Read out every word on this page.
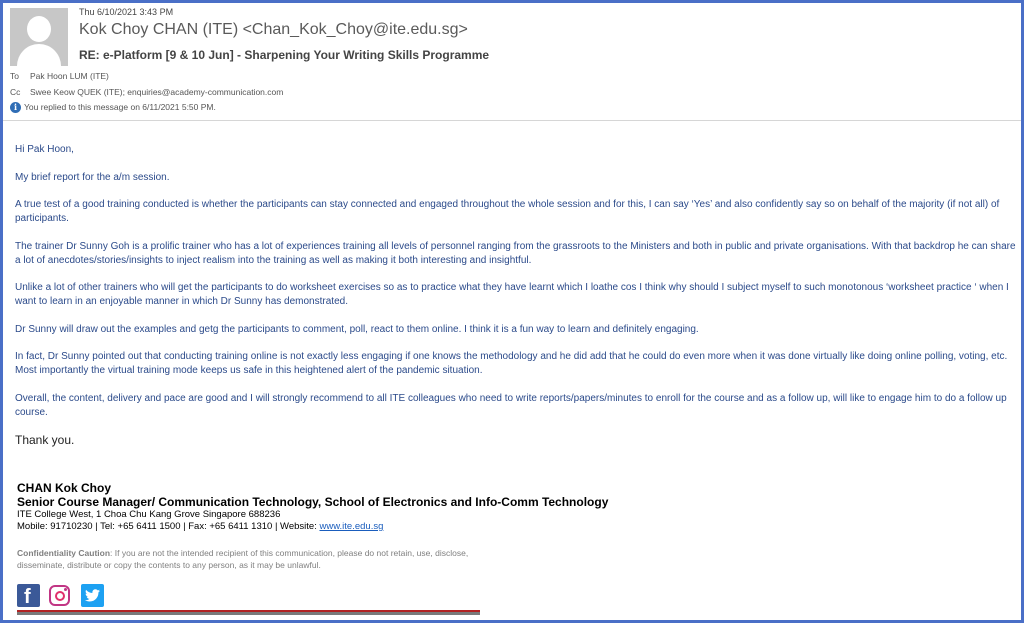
Thu 6/10/2021 3:43 PM
Kok Choy CHAN (ITE) <Chan_Kok_Choy@ite.edu.sg>
RE: e-Platform [9 & 10 Jun] - Sharpening Your Writing Skills Programme
To Pak Hoon LUM (ITE)
Cc Swee Keow QUEK (ITE); enquiries@academy-communication.com
i You replied to this message on 6/11/2021 5:50 PM.

Hi Pak Hoon,

My brief report for the a/m session.

A true test of a good training conducted is whether the participants can stay connected and engaged throughout the whole session and for this, I can say ‘Yes’ and also confidently say so on behalf of the majority (if not all) of participants.

The trainer Dr Sunny Goh is a prolific trainer who has a lot of experiences training all levels of personnel ranging from the grassroots to the Ministers and both in public and private organisations. With that backdrop he can share a lot of anecdotes/stories/insights to inject realism into the training as well as making it both interesting and insightful.

Unlike a lot of other trainers who will get the participants to do worksheet exercises so as to practice what they have learnt which I loathe cos I think why should I subject myself to such monotonous ‘worksheet practice ‘ when I want to learn in an enjoyable manner in which Dr Sunny has demonstrated.

Dr Sunny will draw out the examples and getg the participants to comment, poll, react to them online. I think it is a fun way to learn and definitely engaging.

In fact, Dr Sunny pointed out that conducting training online is not exactly less engaging if one knows the methodology and he did add that he could do even more when it was done virtually like doing online polling, voting, etc. Most importantly the virtual training mode keeps us safe in this heightened alert of the pandemic situation.

Overall, the content, delivery and pace are good and I will strongly recommend to all ITE colleagues who need to write reports/papers/minutes to enroll for the course and as a follow up, will like to engage him to do a follow up course.

Thank you.

CHAN Kok Choy
Senior Course Manager/ Communication Technology, School of Electronics and Info-Comm Technology
ITE College West, 1 Choa Chu Kang Grove Singapore 688236
Mobile: 91710230 | Tel: +65 6411 1500 | Fax: +65 6411 1310 | Website: www.ite.edu.sg
Confidentiality Caution: If you are not the intended recipient of this communication, please do not retain, use, disclose, disseminate, distribute or copy the contents to any person, as it may be unlawful.
f
